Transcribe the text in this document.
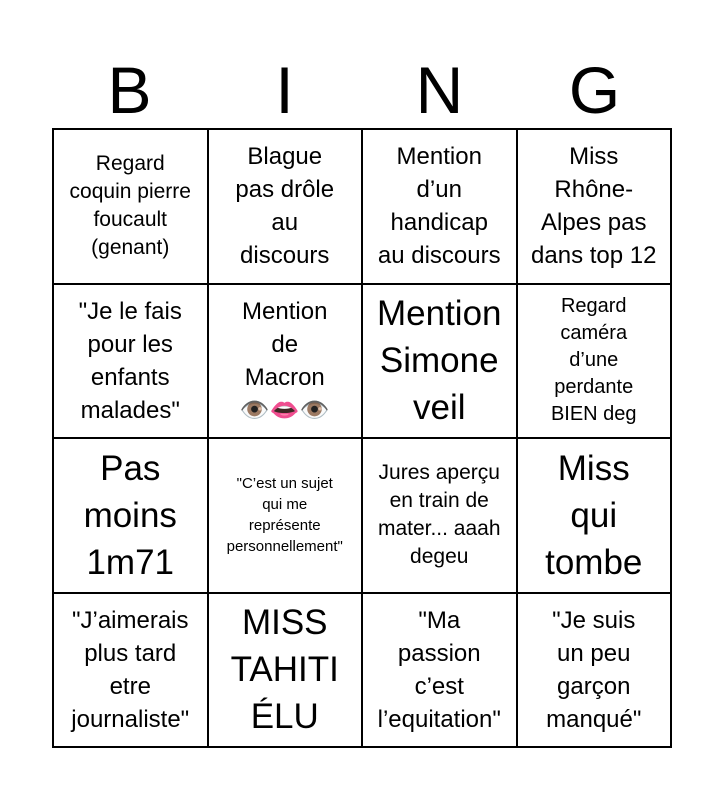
B	I	N	G
Regard
coquin pierre
foucault
(genant)
Blague
pas drôle
au
discours
Mention
d’un
handicap
au discours
Miss
Rhône-
Alpes pas
dans top 12
"Je le fais
pour les
enfants
malades"
Mention
de
Macron
👁️👄👁️
Mention
Simone
veil
Regard
caméra
d’une
perdante
BIEN deg
Pas
moins
1m71
"C’est un sujet
qui me
représente
personnellement"
Jures aperçu
en train de
mater... aaah
degeu
Miss
qui
tombe
"J’aimerais
plus tard
etre
journaliste"
MISS
TAHITI
ÉLU
"Ma
passion
c’est
l’equitation"
"Je suis
un peu
garçon
manqué"
